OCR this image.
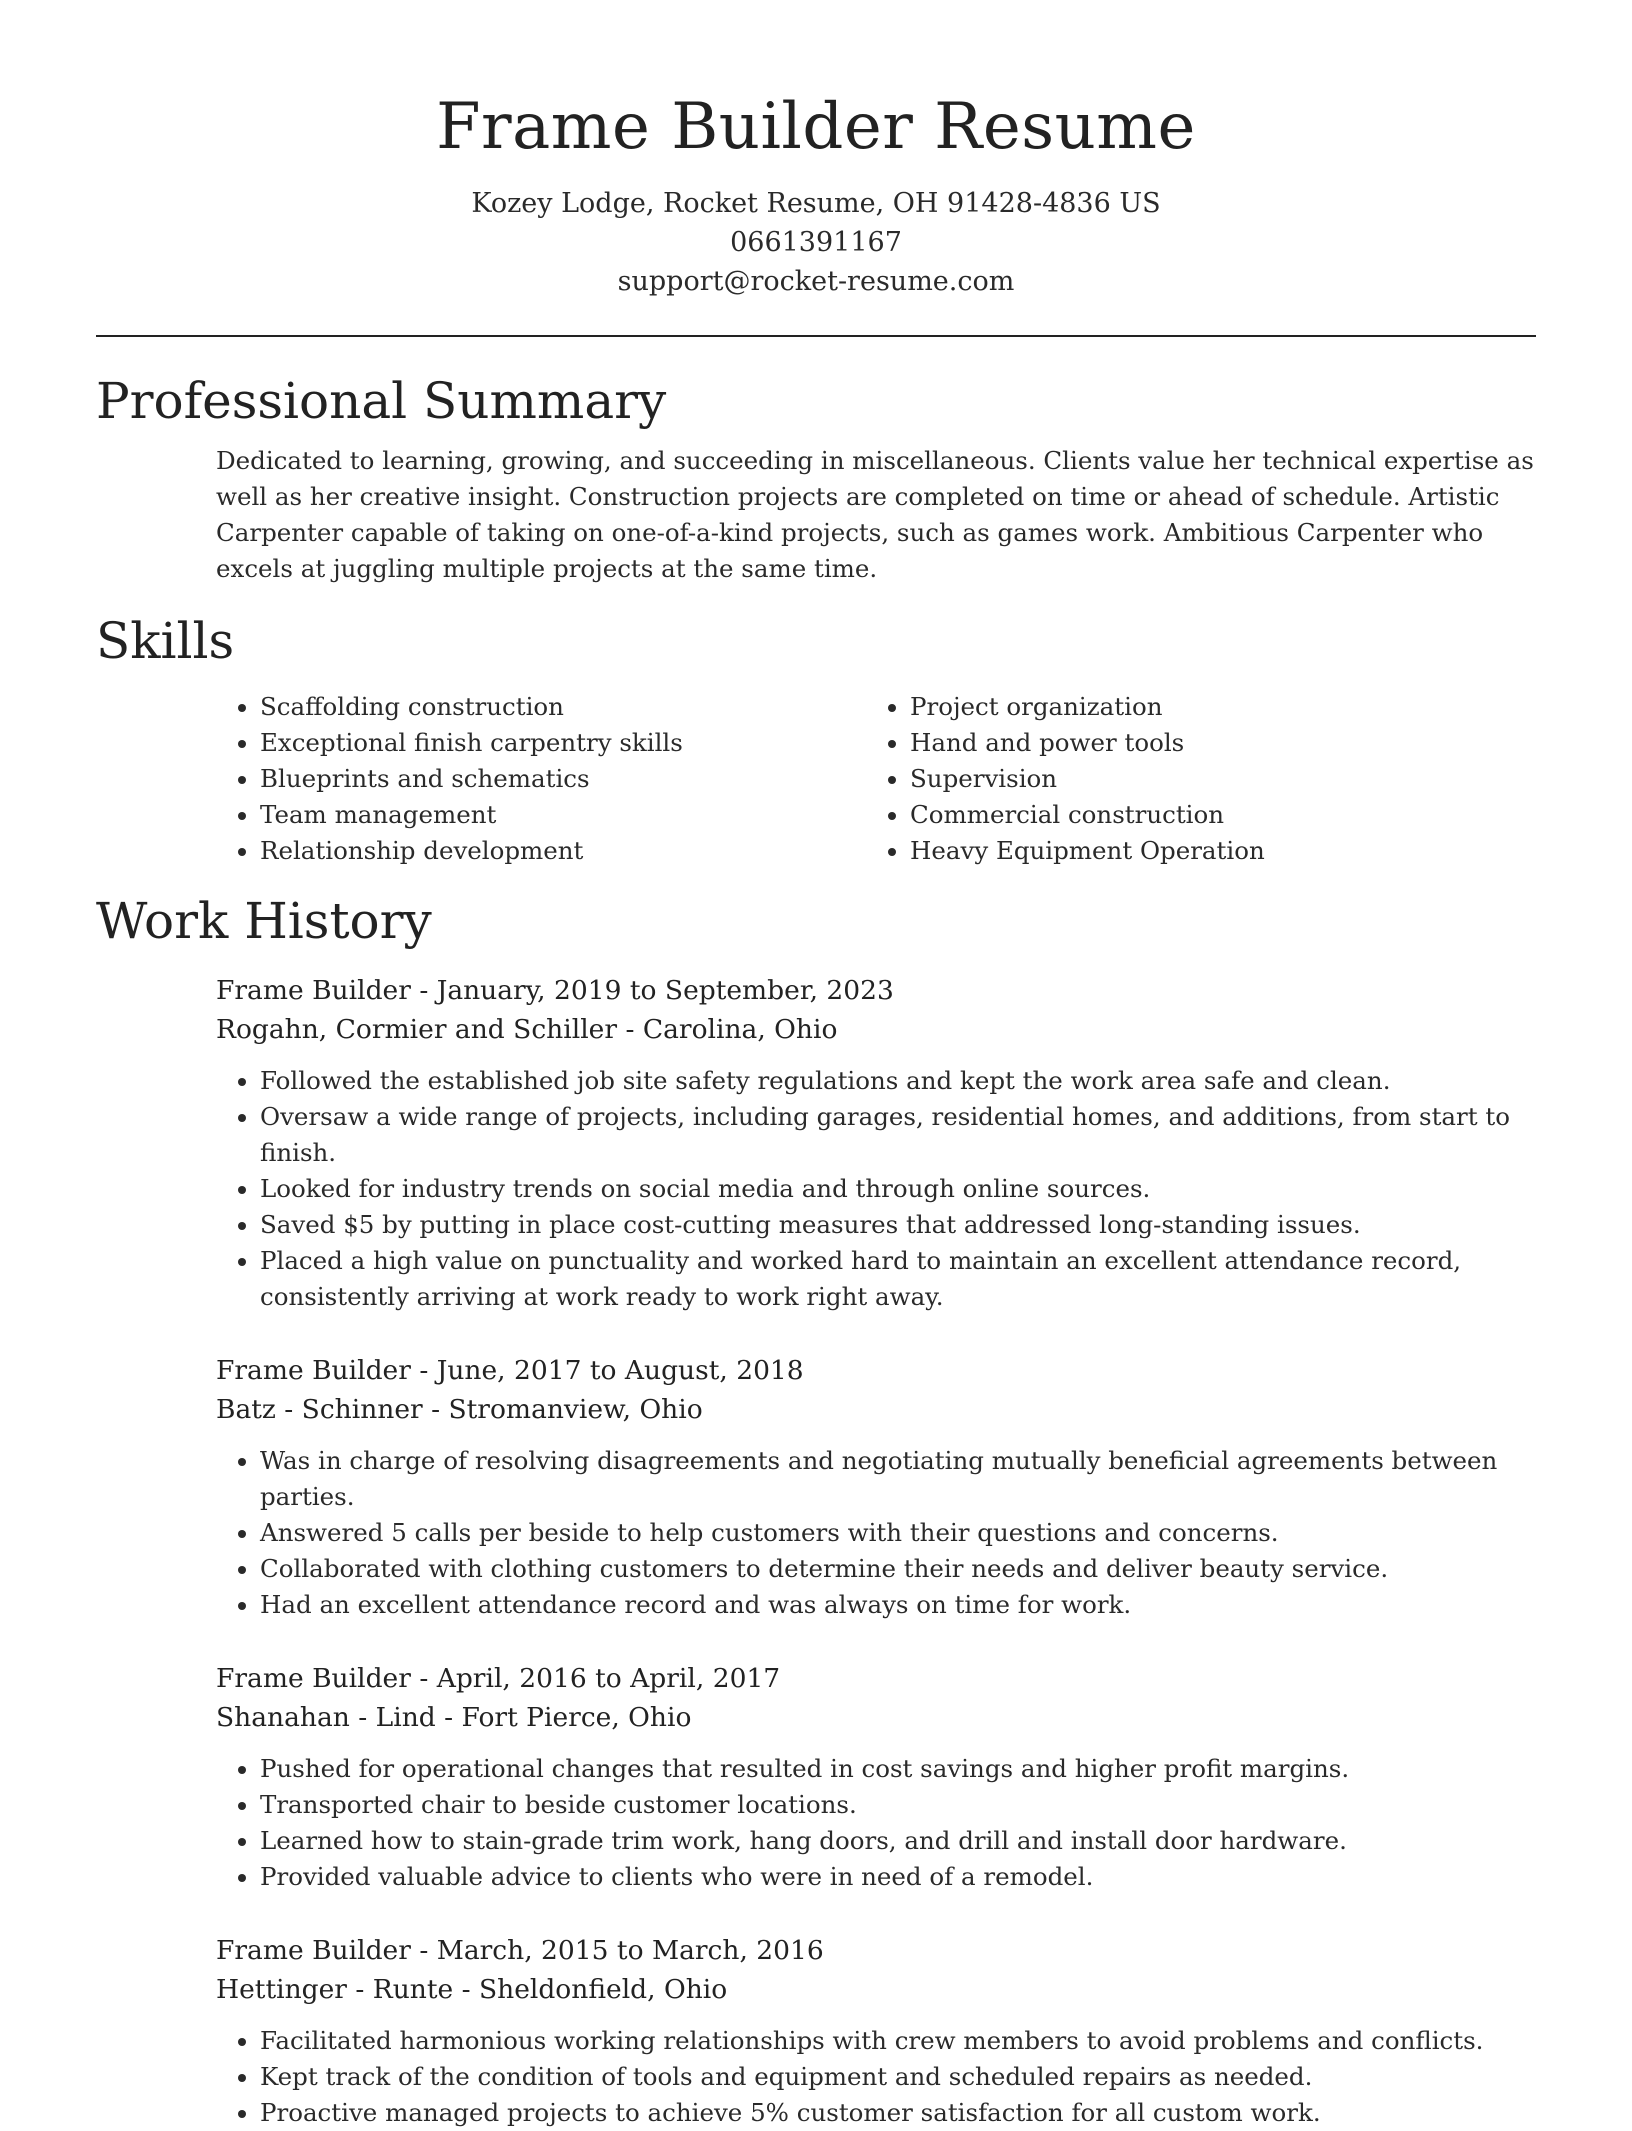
Frame Builder Resume
Kozey Lodge, Rocket Resume, OH 91428-4836 US
0661391167
support@rocket-resume.com
Professional Summary
Dedicated to learning, growing, and succeeding in miscellaneous. Clients value her technical expertise as well as her creative insight. Construction projects are completed on time or ahead of schedule. Artistic Carpenter capable of taking on one-of-a-kind projects, such as games work. Ambitious Carpenter who excels at juggling multiple projects at the same time.
Skills
• Scaffolding construction
• Exceptional finish carpentry skills
• Blueprints and schematics
• Team management
• Relationship development
• Project organization
• Hand and power tools
• Supervision
• Commercial construction
• Heavy Equipment Operation
Work History
Frame Builder - January, 2019 to September, 2023
Rogahn, Cormier and Schiller - Carolina, Ohio
• Followed the established job site safety regulations and kept the work area safe and clean.
• Oversaw a wide range of projects, including garages, residential homes, and additions, from start to finish.
• Looked for industry trends on social media and through online sources.
• Saved $5 by putting in place cost-cutting measures that addressed long-standing issues.
• Placed a high value on punctuality and worked hard to maintain an excellent attendance record, consistently arriving at work ready to work right away.
Frame Builder - June, 2017 to August, 2018
Batz - Schinner - Stromanview, Ohio
• Was in charge of resolving disagreements and negotiating mutually beneficial agreements between parties.
• Answered 5 calls per beside to help customers with their questions and concerns.
• Collaborated with clothing customers to determine their needs and deliver beauty service.
• Had an excellent attendance record and was always on time for work.
Frame Builder - April, 2016 to April, 2017
Shanahan - Lind - Fort Pierce, Ohio
• Pushed for operational changes that resulted in cost savings and higher profit margins.
• Transported chair to beside customer locations.
• Learned how to stain-grade trim work, hang doors, and drill and install door hardware.
• Provided valuable advice to clients who were in need of a remodel.
Frame Builder - March, 2015 to March, 2016
Hettinger - Runte - Sheldonfield, Ohio
• Facilitated harmonious working relationships with crew members to avoid problems and conflicts.
• Kept track of the condition of tools and equipment and scheduled repairs as needed.
• Proactive managed projects to achieve 5% customer satisfaction for all custom work.
